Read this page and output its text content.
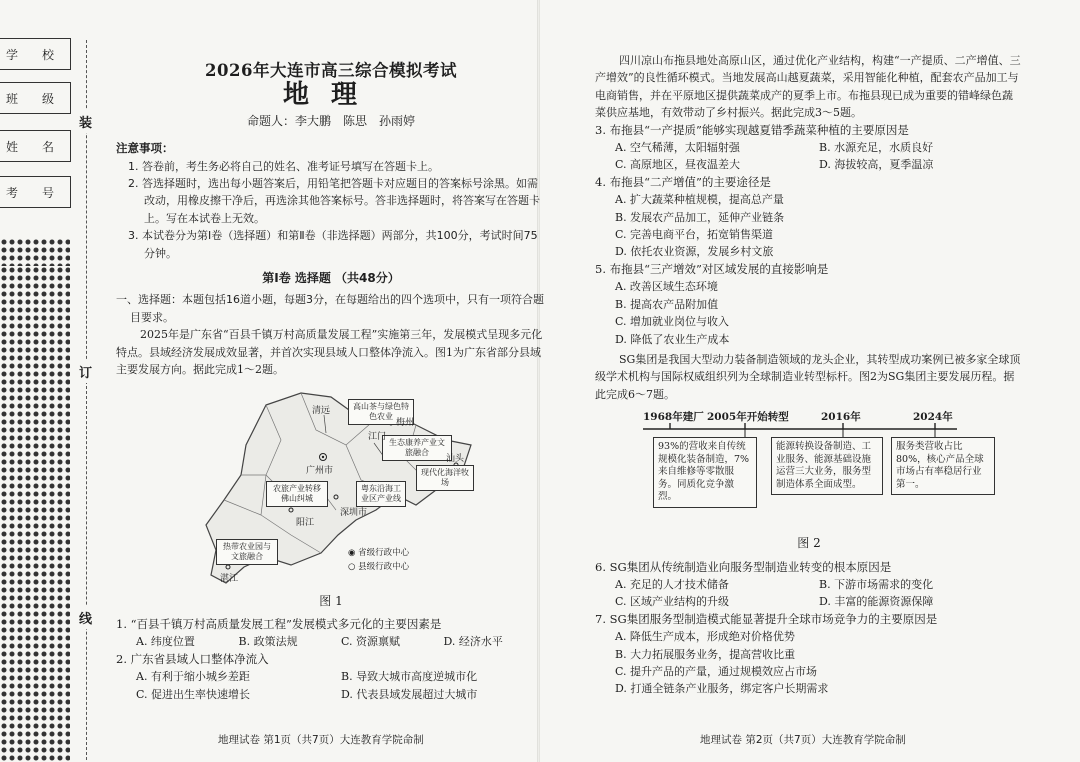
学　　校
班　　级
姓　　名
考　　号
装
订
线
2026年大连市高三综合模拟考试
地理
命题人：李大鹏　陈思　孙雨婷

注意事项：

1. 答卷前，考生务必将自己的姓名、准考证号填写在答题卡上。

2. 答选择题时，选出每小题答案后，用铅笔把答题卡对应题目的答案标号涂黑。如需改动，用橡皮擦干净后，再选涂其他答案标号。答非选择题时，将答案写在答题卡上。写在本试卷上无效。

3. 本试卷分为第Ⅰ卷（选择题）和第Ⅱ卷（非选择题）两部分，共100分，考试时间75分钟。

第Ⅰ卷 选择题 （共48分）

一、选择题：本题包括16道小题，每题3分，在每题给出的四个选项中，只有一项符合题目要求。

2025年是广东省“百县千镇万村高质量发展工程”实施第三年，发展模式呈现多元化特点。县域经济发展成效显著，并首次实现县域人口整体净流入。图1为广东省部分县域主要发展方向。据此完成1～2题。

高山茶与绿色特色农业
生态康养产业文旅融合
农旅产业转移佛山纠城
粤东沿海工业区产业线
现代化海洋牧场
热带农业园与文旅融合
广州市
清远
江门
深圳市
汕头
梅州
阳江
湛江
◉ 省级行政中心
○ 县级行政中心
图 1

1. “百县千镇万村高质量发展工程”发展模式多元化的主要因素是

A. 纬度位置	B. 政策法规	C. 资源禀赋	D. 经济水平

2. 广东省县域人口整体净流入

A. 有利于缩小城乡差距	B. 导致大城市高度逆城市化
C. 促进出生率快速增长	D. 代表县域发展超过大城市
地理试卷 第1页（共7页）大连教育学院命制

四川凉山布拖县地处高原山区，通过优化产业结构，构建“一产提质、二产增值、三产增效”的良性循环模式。当地发展高山越夏蔬菜，采用智能化种植，配套农产品加工与电商销售，并在平原地区提供蔬菜成产的夏季上市。布拖县现已成为重要的错峰绿色蔬菜供应基地，有效带动了乡村振兴。据此完成3～5题。

3. 布拖县“一产提质”能够实现越夏错季蔬菜种植的主要原因是

A. 空气稀薄，太阳辐射强	B. 水源充足，水质良好
C. 高原地区，昼夜温差大	D. 海拔较高，夏季温凉

4. 布拖县“二产增值”的主要途径是

A. 扩大蔬菜种植规模，提高总产量

B. 发展农产品加工，延伸产业链条

C. 完善电商平台，拓宽销售渠道

D. 依托农业资源，发展乡村文旅

5. 布拖县“三产增效”对区域发展的直接影响是

A. 改善区域生态环境

B. 提高农产品附加值

C. 增加就业岗位与收入

D. 降低了农业生产成本

SG集团是我国大型动力装备制造领域的龙头企业，其转型成功案例已被多家全球顶级学术机构与国际权威组织列为全球制造业转型标杆。图2为SG集团主要发展历程。据此完成6～7题。

1968年建厂 2005年开始转型	2016年	2024年
93%的营收来自传统规模化装备制造，7%来自维修等零散服务。同质化竞争激烈。
能源转换设备制造、工业服务、能源基础设施运营三大业务，服务型制造体系全面成型。
服务类营收占比80%，核心产品全球市场占有率稳居行业第一。
图 2

6. SG集团从传统制造业向服务型制造业转变的根本原因是

A. 充足的人才技术储备	B. 下游市场需求的变化
C. 区域产业结构的升级	D. 丰富的能源资源保障

7. SG集团服务型制造模式能显著提升全球市场竞争力的主要原因是

A. 降低生产成本，形成绝对价格优势

B. 大力拓展服务业务，提高营收比重

C. 提升产品的产量，通过规模效应占市场

D. 打通全链条产业服务，绑定客户长期需求

地理试卷 第2页（共7页）大连教育学院命制
